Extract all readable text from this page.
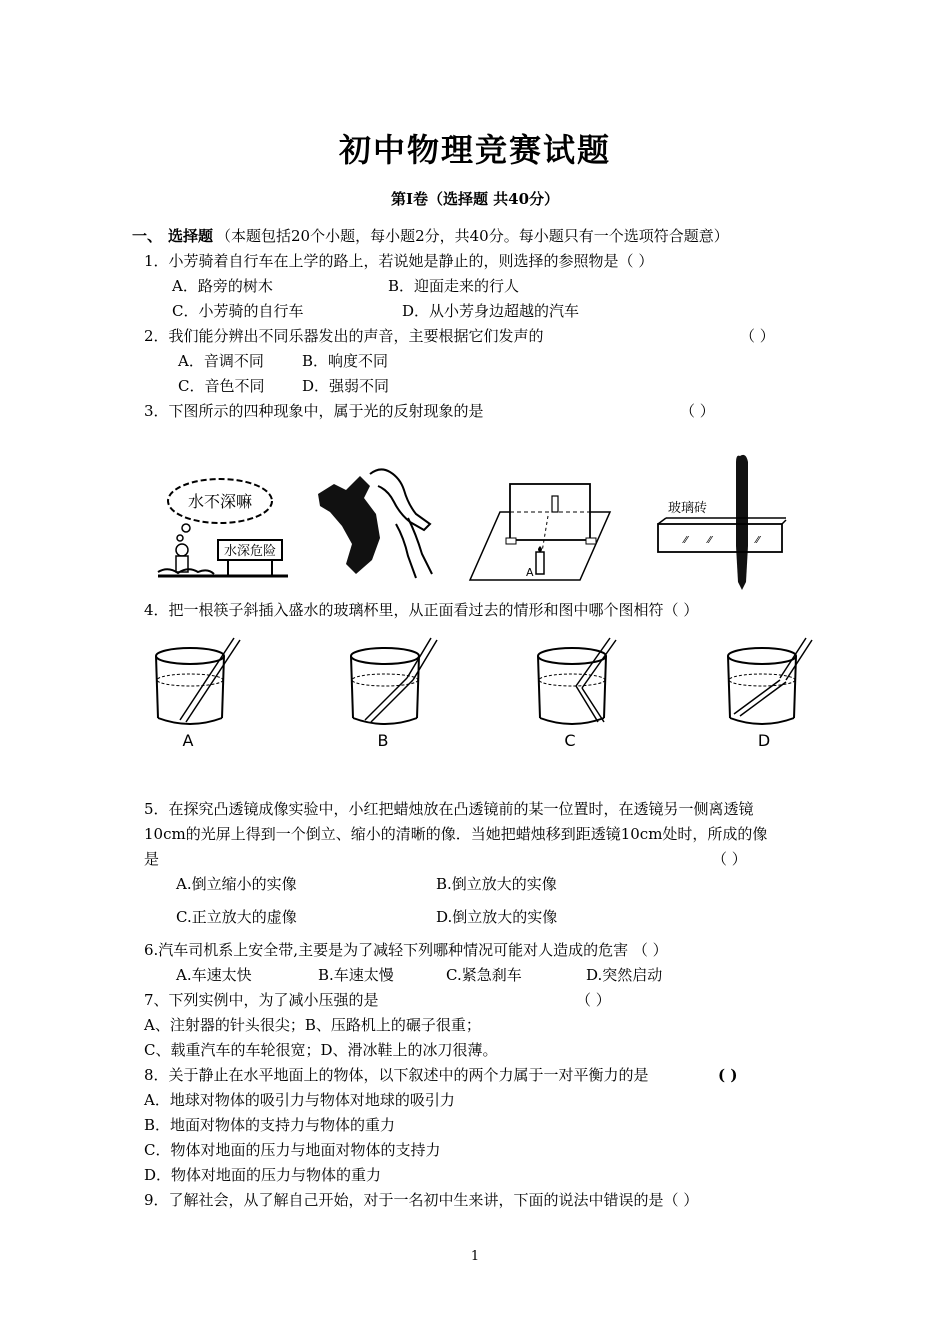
初中物理竞赛试题
第Ⅰ卷（选择题 共40分）
一、 选择题 （本题包括20个小题，每小题2分，共40分。每小题只有一个选项符合题意）
1．小芳骑着自行车在上学的路上，若说她是静止的，则选择的参照物是（ ）
A．路旁的树木	B．迎面走来的行人
C．小芳骑的自行车	D．从小芳身边超越的汽车
2．我们能分辨出不同乐器发出的声音，主要根据它们发声的	（ ）
A．音调不同	B．响度不同
C．音色不同	D．强弱不同
3．下图所示的四种现象中，属于光的反射现象的是	（ ）
水不深嘛
水深危险
A
玻璃砖
⁄⁄ ⁄⁄	⁄⁄
4．把一根筷子斜插入盛水的玻璃杯里，从正面看过去的情形和图中哪个图相符（ ）
A	B	C	D
5．在探究凸透镜成像实验中，小红把蜡烛放在凸透镜前的某一位置时，在透镜另一侧离透镜
10cm的光屏上得到一个倒立、缩小的清晰的像．当她把蜡烛移到距透镜10cm处时，所成的像
是	（ ）
A.倒立缩小的实像	B.倒立放大的实像
C.正立放大的虚像	D.倒立放大的实像
6.汽车司机系上安全带,主要是为了减轻下列哪种情况可能对人造成的危害 （ ）
A.车速太快	B.车速太慢	C.紧急刹车	D.突然启动
7、下列实例中，为了减小压强的是	（ ）
A、注射器的针头很尖；B、压路机上的碾子很重；
C、载重汽车的车轮很宽；D、滑冰鞋上的冰刀很薄。
8．关于静止在水平地面上的物体，以下叙述中的两个力属于一对平衡力的是	( )
A．地球对物体的吸引力与物体对地球的吸引力
B．地面对物体的支持力与物体的重力
C．物体对地面的压力与地面对物体的支持力
D．物体对地面的压力与物体的重力
9．了解社会，从了解自己开始，对于一名初中生来讲，下面的说法中错误的是（ ）
1
